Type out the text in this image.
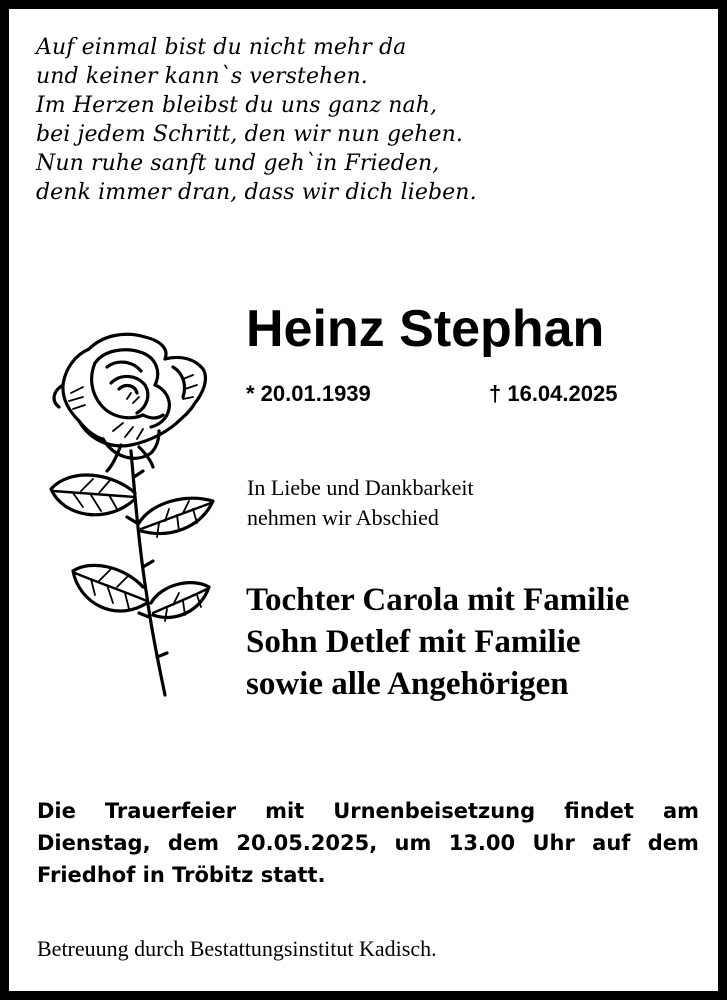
Auf einmal bist du nicht mehr da
und keiner kann`s verstehen.
Im Herzen bleibst du uns ganz nah,
bei jedem Schritt, den wir nun gehen.
Nun ruhe sanft und geh`in Frieden,
denk immer dran, dass wir dich lieben.
Heinz Stephan
* 20.01.1939	† 16.04.2025
In Liebe und Dankbarkeit
nehmen wir Abschied
Tochter Carola mit Familie
Sohn Detlef mit Familie
sowie alle Angehörigen
Die Trauerfeier mit Urnenbeisetzung findet am
Dienstag, dem 20.05.2025, um 13.00 Uhr auf dem
Friedhof in Tröbitz statt.
Betreuung durch Bestattungsinstitut Kadisch.
